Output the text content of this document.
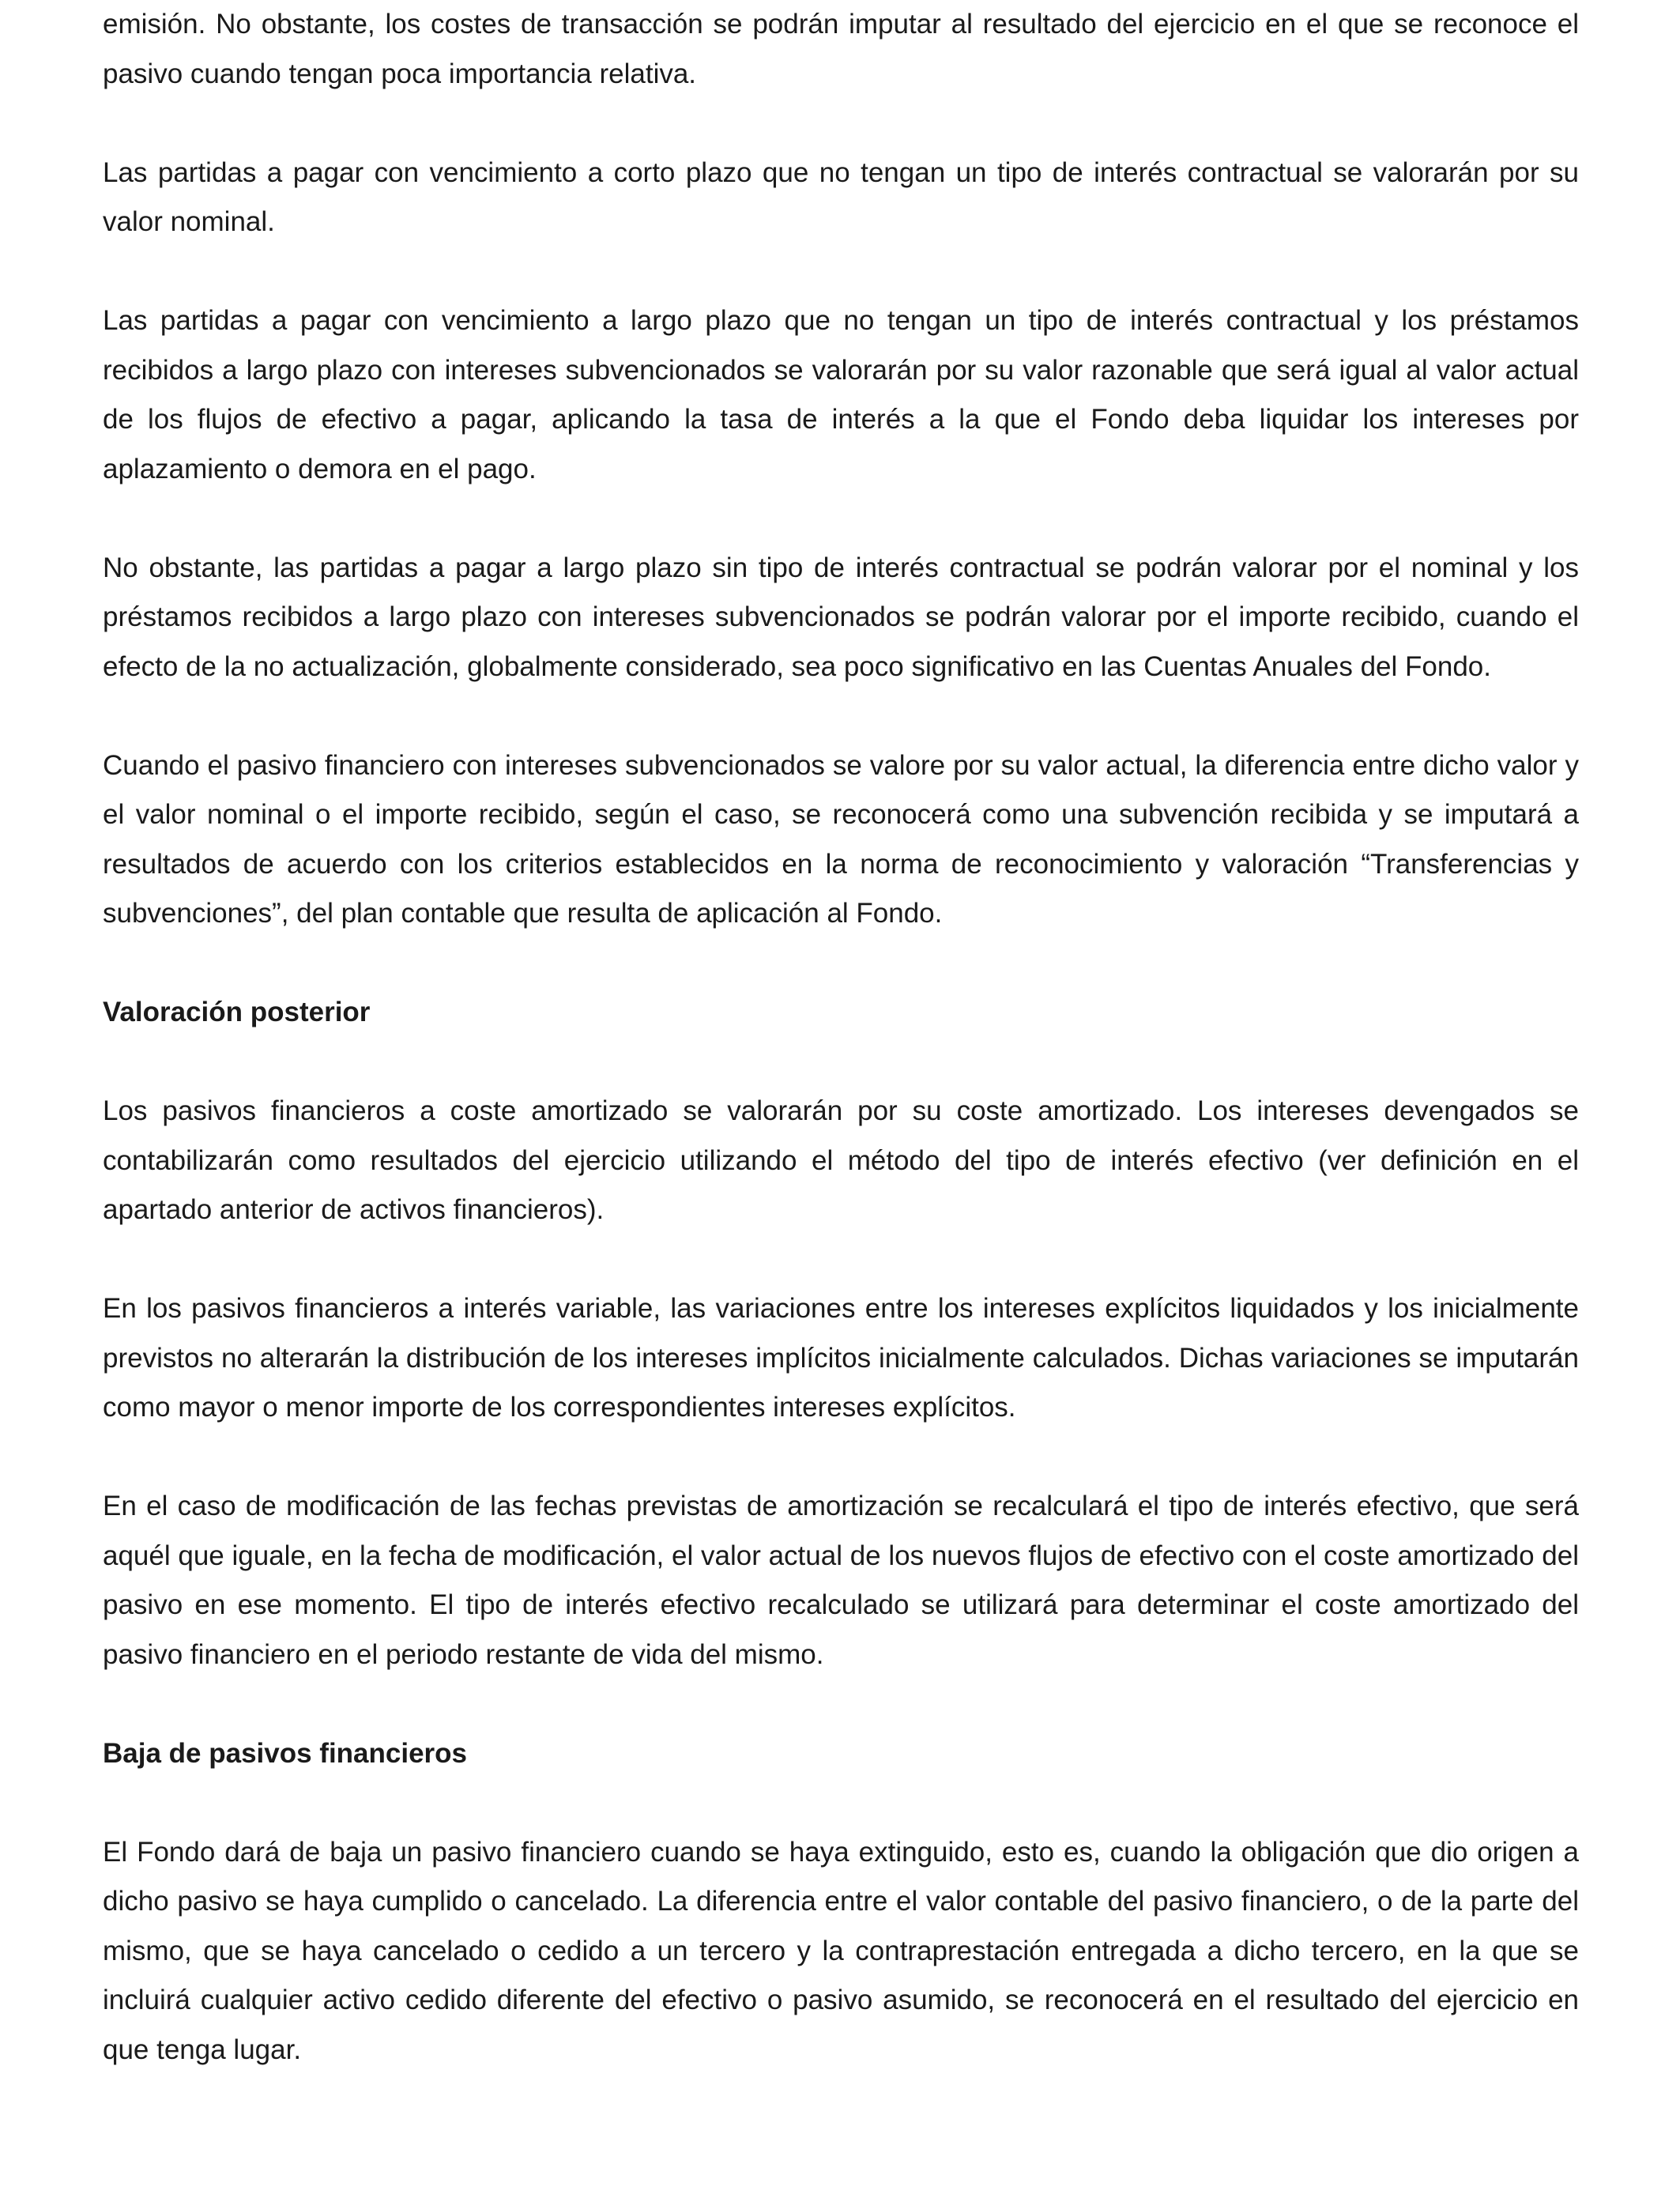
emisión. No obstante, los costes de transacción se podrán imputar al resultado del ejercicio en el que se reconoce el pasivo cuando tengan poca importancia relativa.

Las partidas a pagar con vencimiento a corto plazo que no tengan un tipo de interés contractual se valorarán por su valor nominal.

Las partidas a pagar con vencimiento a largo plazo que no tengan un tipo de interés contractual y los préstamos recibidos a largo plazo con intereses subvencionados se valorarán por su valor razonable que será igual al valor actual de los flujos de efectivo a pagar, aplicando la tasa de interés a la que el Fondo deba liquidar los intereses por aplazamiento o demora en el pago.

No obstante, las partidas a pagar a largo plazo sin tipo de interés contractual se podrán valorar por el nominal y los préstamos recibidos a largo plazo con intereses subvencionados se podrán valorar por el importe recibido, cuando el efecto de la no actualización, globalmente considerado, sea poco significativo en las Cuentas Anuales del Fondo.

Cuando el pasivo financiero con intereses subvencionados se valore por su valor actual, la diferencia entre dicho valor y el valor nominal o el importe recibido, según el caso, se reconocerá como una subvención recibida y se imputará a resultados de acuerdo con los criterios establecidos en la norma de reconocimiento y valoración “Transferencias y subvenciones”, del plan contable que resulta de aplicación al Fondo.

Valoración posterior

Los pasivos financieros a coste amortizado se valorarán por su coste amortizado. Los intereses devengados se contabilizarán como resultados del ejercicio utilizando el método del tipo de interés efectivo (ver definición en el apartado anterior de activos financieros).

En los pasivos financieros a interés variable, las variaciones entre los intereses explícitos liquidados y los inicialmente previstos no alterarán la distribución de los intereses implícitos inicialmente calculados. Dichas variaciones se imputarán como mayor o menor importe de los correspondientes intereses explícitos.

En el caso de modificación de las fechas previstas de amortización se recalculará el tipo de interés efectivo, que será aquél que iguale, en la fecha de modificación, el valor actual de los nuevos flujos de efectivo con el coste amortizado del pasivo en ese momento. El tipo de interés efectivo recalculado se utilizará para determinar el coste amortizado del pasivo financiero en el periodo restante de vida del mismo.

Baja de pasivos financieros

El Fondo dará de baja un pasivo financiero cuando se haya extinguido, esto es, cuando la obligación que dio origen a dicho pasivo se haya cumplido o cancelado. La diferencia entre el valor contable del pasivo financiero, o de la parte del mismo, que se haya cancelado o cedido a un tercero y la contraprestación entregada a dicho tercero, en la que se incluirá cualquier activo cedido diferente del efectivo o pasivo asumido, se reconocerá en el resultado del ejercicio en que tenga lugar.
